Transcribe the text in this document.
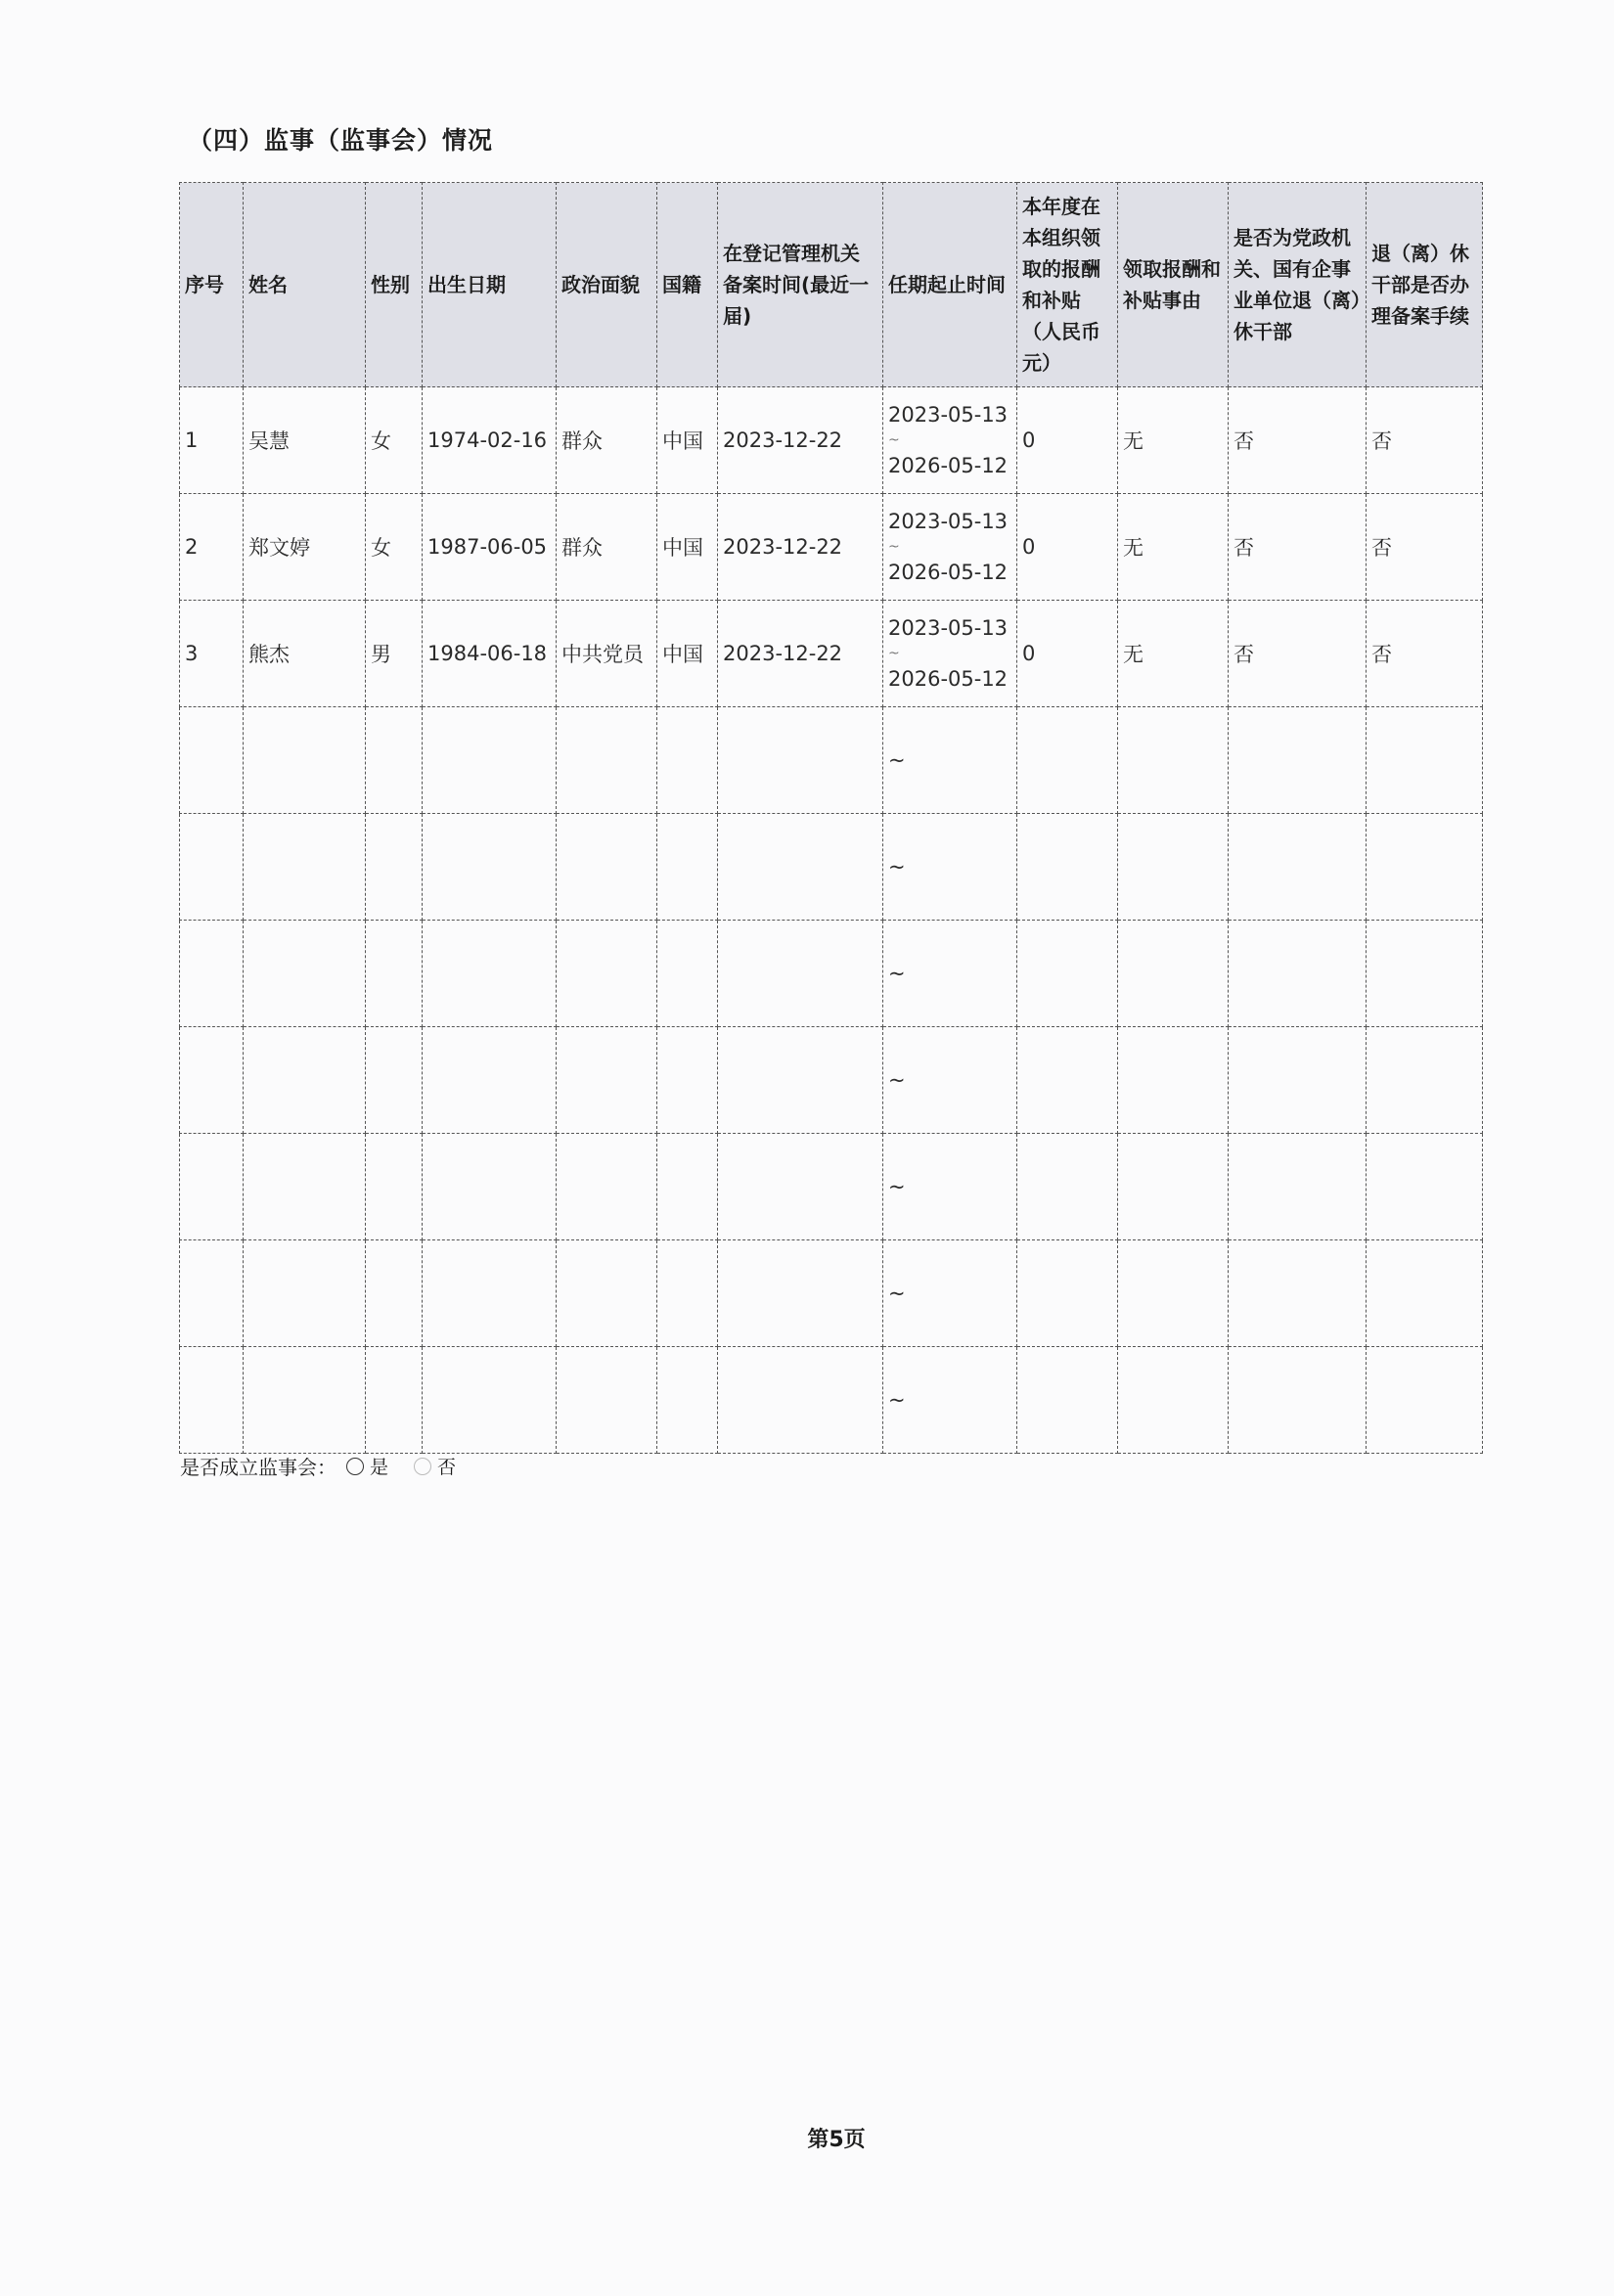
（四）监事（监事会）情况
序号	姓名	性别	出生日期	政治面貌	国籍	在登记管理机关备案时间(最近一届)	任期起止时间	本年度在本组织领取的报酬和补贴（人民币元）	领取报酬和补贴事由	是否为党政机关、国有企事业单位退（离）休干部	退（离）休干部是否办理备案手续
1	吴慧	女	1974-02-16	群众	中国	2023-12-22	2023-05-13
~
2026-05-12	0	无	否	否
2	郑文婷	女	1987-06-05	群众	中国	2023-12-22	2023-05-13
~
2026-05-12	0	无	否	否
3	熊杰	男	1984-06-18	中共党员	中国	2023-12-22	2023-05-13
~
2026-05-12	0	无	否	否
							~				
							~				
							~				
							~				
							~				
							~				
							~				
是否成立监事会： 是	否
第5页
